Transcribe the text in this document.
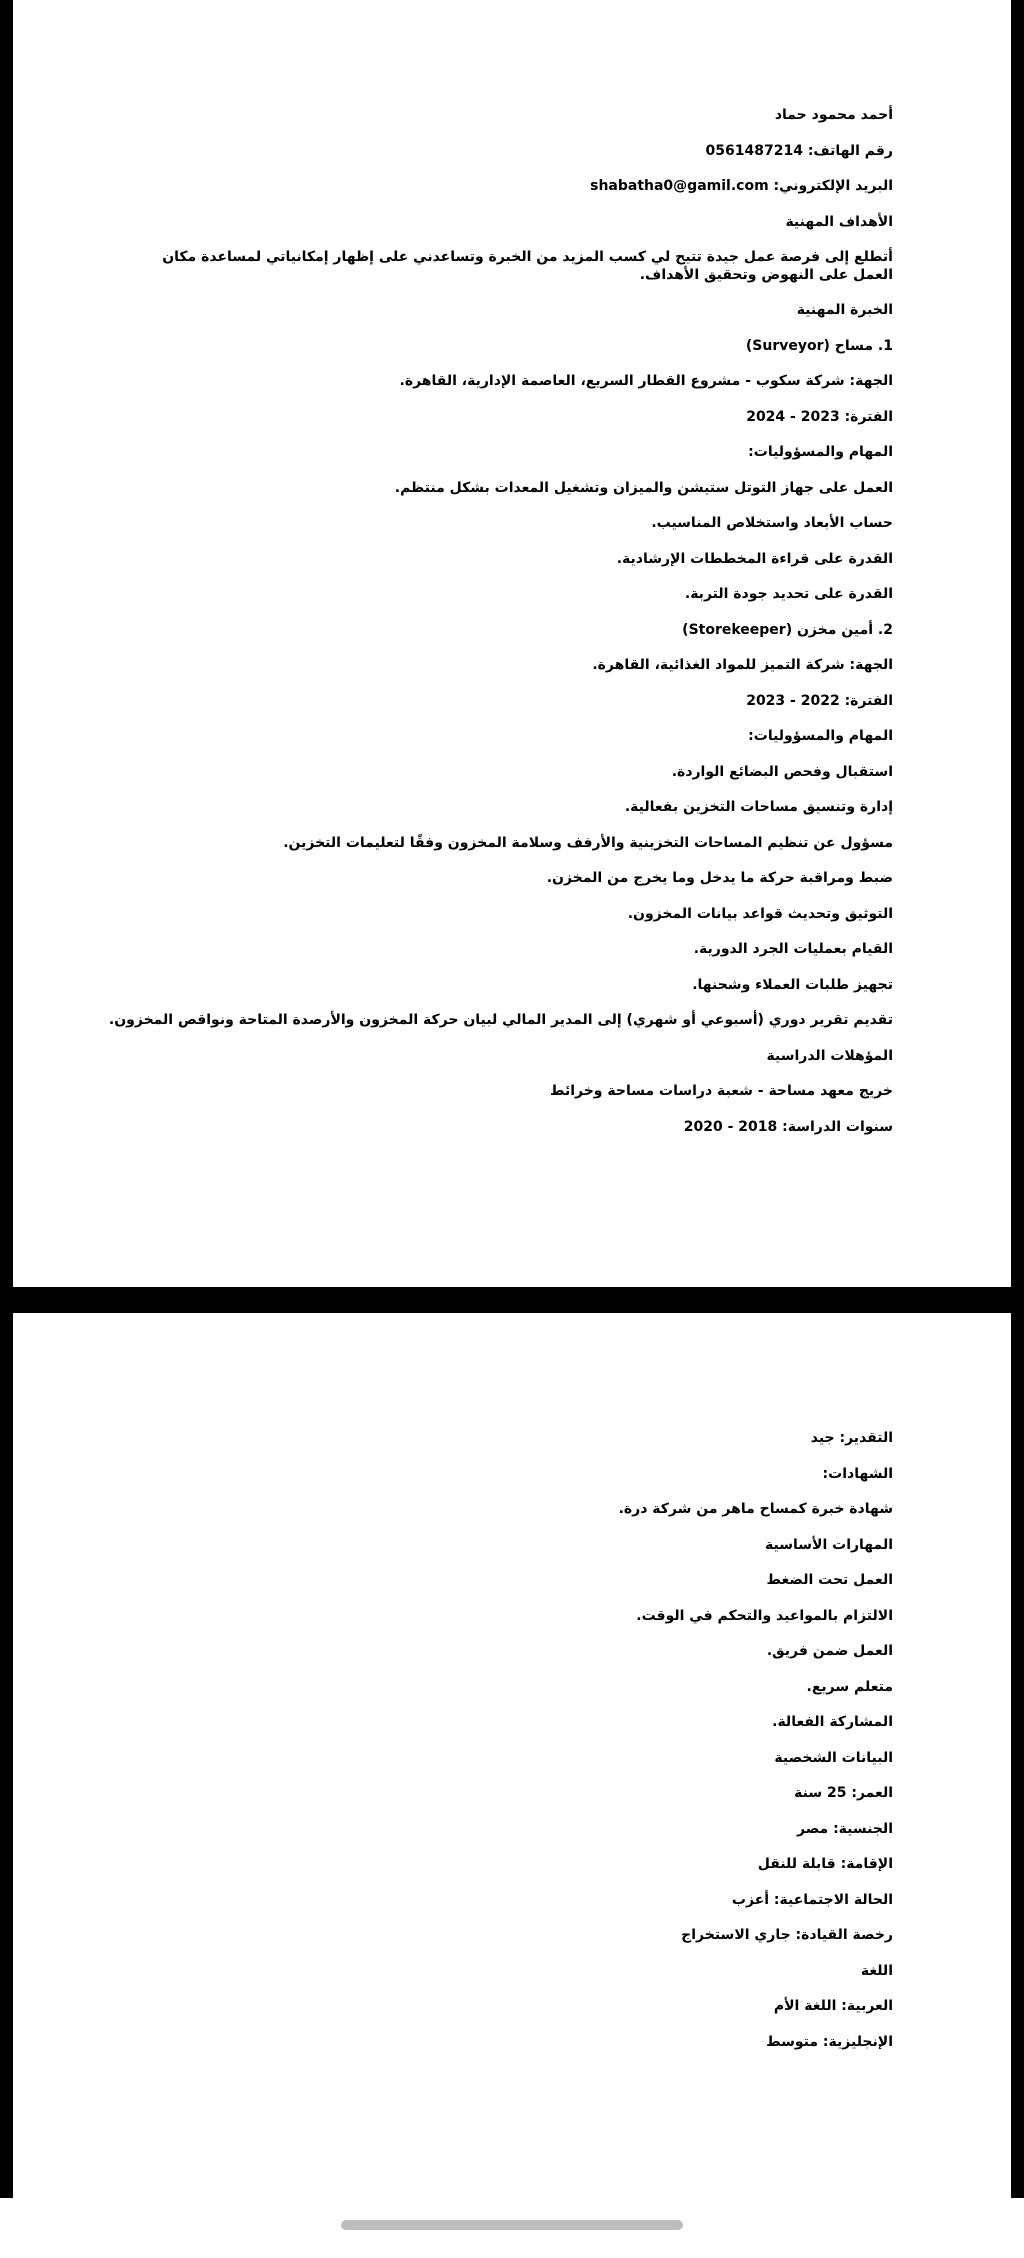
أحمد محمود حماد
رقم الهاتف: 0561487214
البريد الإلكتروني: shabatha0@gamil.com
الأهداف المهنية
أتطلع إلى فرصة عمل جيدة تتيح لي كسب المزيد من الخبرة وتساعدني على إظهار إمكانياتي لمساعدة مكان العمل على النهوض وتحقيق الأهداف.
الخبرة المهنية
1. مساح (Surveyor)
الجهة: شركة سكوب - مشروع القطار السريع، العاصمة الإدارية، القاهرة.
الفترة: 2023 - 2024
المهام والمسؤوليات:
العمل على جهاز التوتل ستيشن والميزان وتشغيل المعدات بشكل منتظم.
حساب الأبعاد واستخلاص المناسيب.
القدرة على قراءة المخططات الإرشادية.
القدرة على تحديد جودة التربة.
2. أمين مخزن (Storekeeper)
الجهة: شركة التميز للمواد الغذائية، القاهرة.
الفترة: 2022 - 2023
المهام والمسؤوليات:
استقبال وفحص البضائع الواردة.
إدارة وتنسيق مساحات التخزين بفعالية.
مسؤول عن تنظيم المساحات التخزينية والأرفف وسلامة المخزون وفقًا لتعليمات التخزين.
ضبط ومراقبة حركة ما يدخل وما يخرج من المخزن.
التوثيق وتحديث قواعد بيانات المخزون.
القيام بعمليات الجرد الدورية.
تجهيز طلبات العملاء وشحنها.
تقديم تقرير دوري (أسبوعي أو شهري) إلى المدير المالي لبيان حركة المخزون والأرصدة المتاحة ونواقص المخزون.
المؤهلات الدراسية
خريج معهد مساحة - شعبة دراسات مساحة وخرائط
سنوات الدراسة: 2018 - 2020
التقدير: جيد
الشهادات:
شهادة خبرة كمساح ماهر من شركة درة.
المهارات الأساسية
العمل تحت الضغط
الالتزام بالمواعيد والتحكم في الوقت.
العمل ضمن فريق.
متعلم سريع.
المشاركة الفعالة.
البيانات الشخصية
العمر: 25 سنة
الجنسية: مصر
الإقامة: قابلة للنقل
الحالة الاجتماعية: أعزب
رخصة القيادة: جاري الاستخراج
اللغة
العربية: اللغة الأم
الإنجليزية: متوسط
